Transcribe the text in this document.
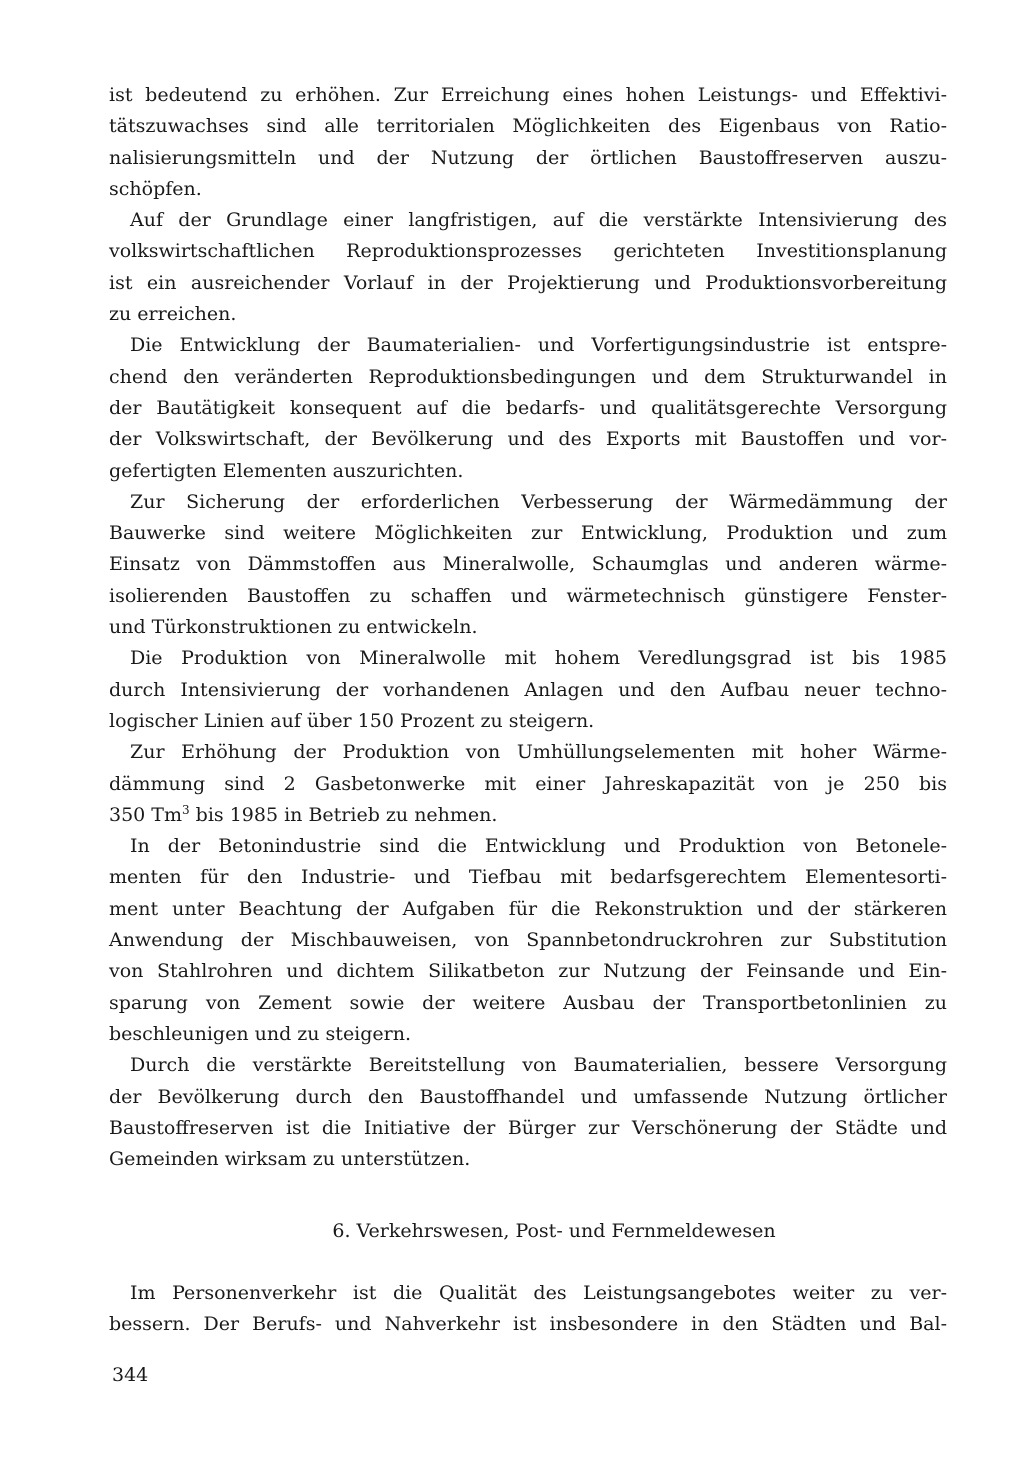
ist bedeutend zu erhöhen. Zur Erreichung eines hohen Leistungs- und Effektivi-
tätszuwachses sind alle territorialen Möglichkeiten des Eigenbaus von Ratio-
nalisierungsmitteln und der Nutzung der örtlichen Baustoffreserven auszu-
schöpfen.
Auf der Grundlage einer langfristigen, auf die verstärkte Intensivierung des
volkswirtschaftlichen Reproduktionsprozesses gerichteten Investitionsplanung
ist ein ausreichender Vorlauf in der Projektierung und Produktionsvorbereitung
zu erreichen.
Die Entwicklung der Baumaterialien- und Vorfertigungsindustrie ist entspre-
chend den veränderten Reproduktionsbedingungen und dem Strukturwandel in
der Bautätigkeit konsequent auf die bedarfs- und qualitätsgerechte Versorgung
der Volkswirtschaft, der Bevölkerung und des Exports mit Baustoffen und vor-
gefertigten Elementen auszurichten.
Zur Sicherung der erforderlichen Verbesserung der Wärmedämmung der
Bauwerke sind weitere Möglichkeiten zur Entwicklung, Produktion und zum
Einsatz von Dämmstoffen aus Mineralwolle, Schaumglas und anderen wärme-
isolierenden Baustoffen zu schaffen und wärmetechnisch günstigere Fenster-
und Türkonstruktionen zu entwickeln.
Die Produktion von Mineralwolle mit hohem Veredlungsgrad ist bis 1985
durch Intensivierung der vorhandenen Anlagen und den Aufbau neuer techno-
logischer Linien auf über 150 Prozent zu steigern.
Zur Erhöhung der Produktion von Umhüllungselementen mit hoher Wärme-
dämmung sind 2 Gasbetonwerke mit einer Jahreskapazität von je 250 bis
350 Tm$^3$ bis 1985 in Betrieb zu nehmen.
In der Betonindustrie sind die Entwicklung und Produktion von Betonele-
menten für den Industrie- und Tiefbau mit bedarfsgerechtem Elementesorti-
ment unter Beachtung der Aufgaben für die Rekonstruktion und der stärkeren
Anwendung der Mischbauweisen, von Spannbetondruckrohren zur Substitution
von Stahlrohren und dichtem Silikatbeton zur Nutzung der Feinsande und Ein-
sparung von Zement sowie der weitere Ausbau der Transportbetonlinien zu
beschleunigen und zu steigern.
Durch die verstärkte Bereitstellung von Baumaterialien, bessere Versorgung
der Bevölkerung durch den Baustoffhandel und umfassende Nutzung örtlicher
Baustoffreserven ist die Initiative der Bürger zur Verschönerung der Städte und
Gemeinden wirksam zu unterstützen.
6. Verkehrswesen, Post- und Fernmeldewesen
Im Personenverkehr ist die Qualität des Leistungsangebotes weiter zu ver-
bessern. Der Berufs- und Nahverkehr ist insbesondere in den Städten und Bal-
344
